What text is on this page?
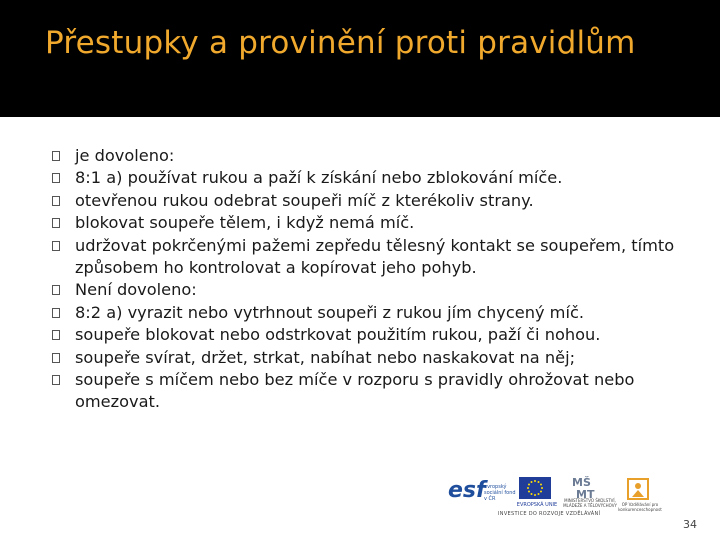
Přestupky a provinění proti pravidlům
je dovoleno:
8:1 a) používat rukou a paží k získání nebo zblokování míče.
otevřenou rukou odebrat soupeři míč z kterékoliv strany.
blokovat soupeře tělem, i když nemá míč.
udržovat pokrčenými pažemi zepředu tělesný kontakt se soupeřem, tímto způsobem ho kontrolovat a kopírovat jeho pohyb.
Není dovoleno:
8:2 a) vyrazit nebo vytrhnout soupeři z rukou jím chycený míč.
soupeře blokovat nebo odstrkovat použitím rukou, paží či nohou.
soupeře svírat, držet, strkat, nabíhat nebo naskakovat na něj;
soupeře s míčem nebo bez míče v rozporu s pravidly ohrožovat nebo omezovat.
esf
evropský sociální fond v ČR
EVROPSKÁ UNIE
MŠ
MT
MINISTERSTVO ŠKOLSTVÍ, MLÁDEŽE A TĚLOVÝCHOVY	OP Vzdělávání pro konkurenceschopnost
INVESTICE DO ROZVOJE VZDĚLÁVÁNÍ
34
